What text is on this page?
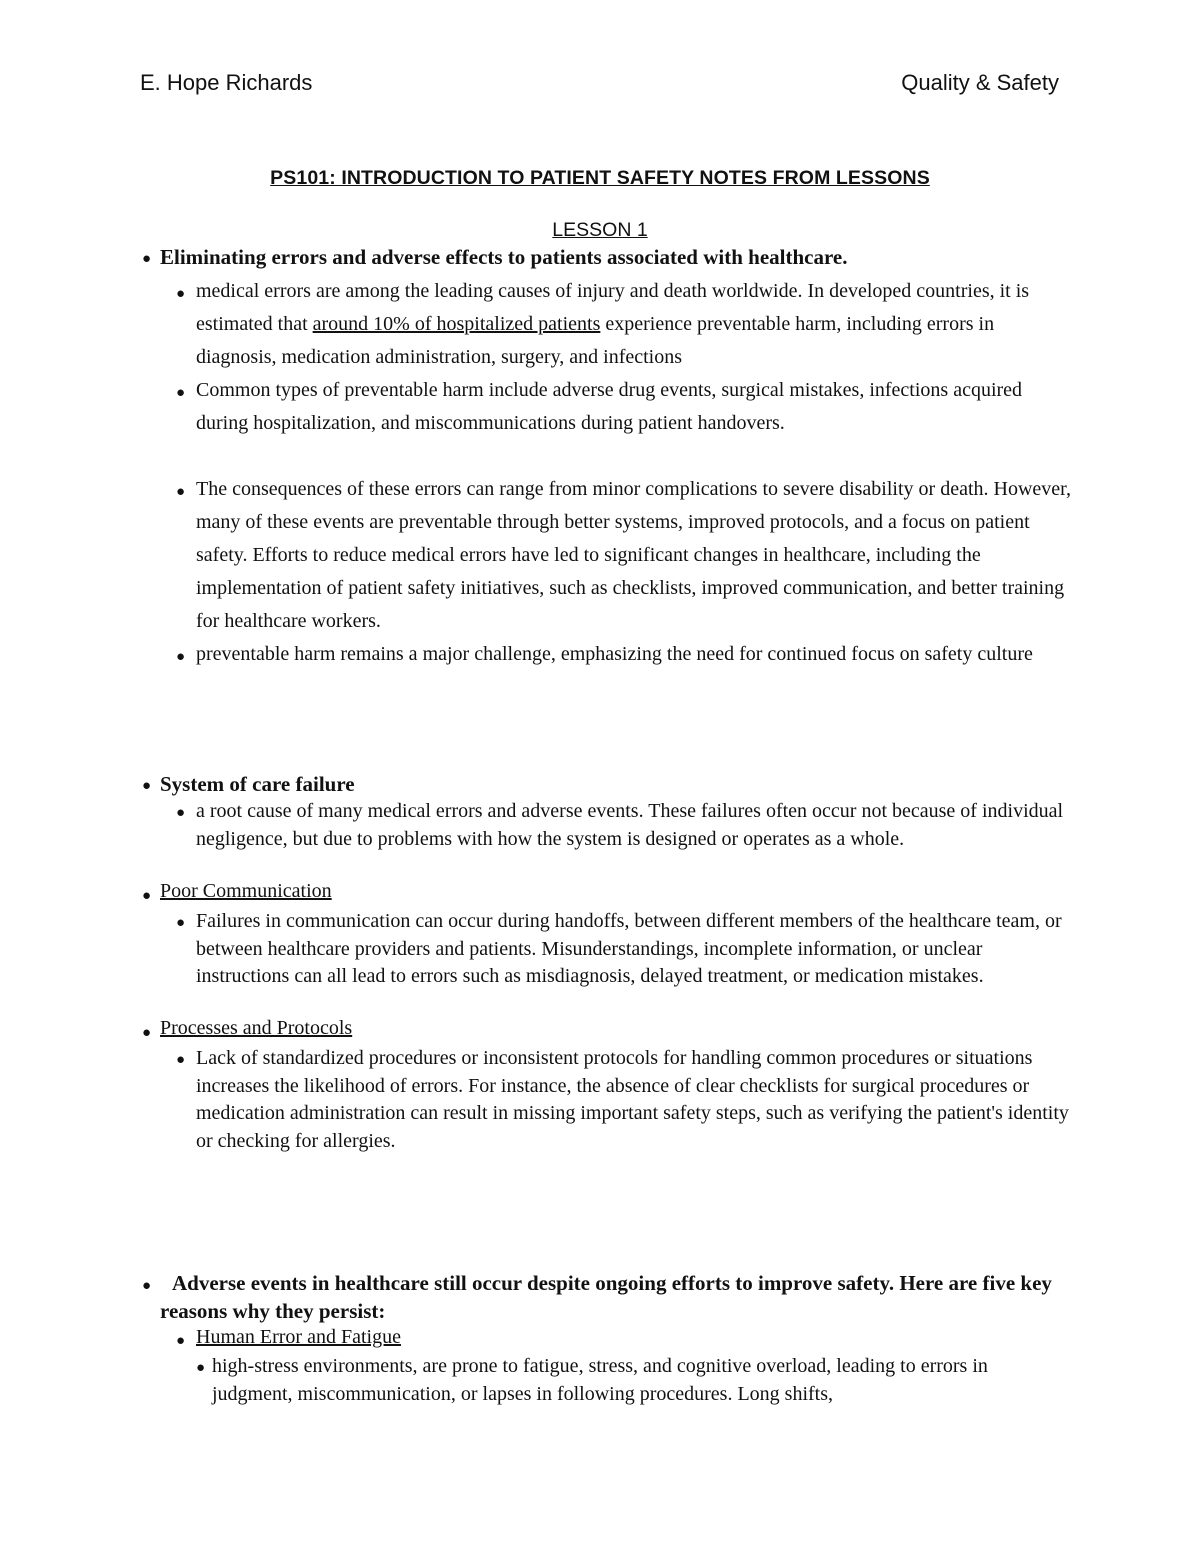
E. Hope Richards	Quality & Safety
PS101: INTRODUCTION TO PATIENT SAFETY NOTES FROM LESSONS
LESSON 1
● Eliminating errors and adverse effects to patients associated with healthcare.
● medical errors are among the leading causes of injury and death worldwide. In developed countries, it is estimated that around 10% of hospitalized patients experience preventable harm, including errors in diagnosis, medication administration, surgery, and infections
● Common types of preventable harm include adverse drug events, surgical mistakes, infections acquired during hospitalization, and miscommunications during patient handovers.
● The consequences of these errors can range from minor complications to severe disability or death. However, many of these events are preventable through better systems, improved protocols, and a focus on patient safety. Efforts to reduce medical errors have led to significant changes in healthcare, including the implementation of patient safety initiatives, such as checklists, improved communication, and better training for healthcare workers.
● preventable harm remains a major challenge, emphasizing the need for continued focus on safety culture
● System of care failure
● a root cause of many medical errors and adverse events. These failures often occur not because of individual negligence, but due to problems with how the system is designed or operates as a whole.
● Poor Communication
● Failures in communication can occur during handoffs, between different members of the healthcare team, or between healthcare providers and patients. Misunderstandings, incomplete information, or unclear instructions can all lead to errors such as misdiagnosis, delayed treatment, or medication mistakes.
● Processes and Protocols
● Lack of standardized procedures or inconsistent protocols for handling common procedures or situations increases the likelihood of errors. For instance, the absence of clear checklists for surgical procedures or medication administration can result in missing important safety steps, such as verifying the patient's identity or checking for allergies.
● Adverse events in healthcare still occur despite ongoing efforts to improve safety. Here are five key reasons why they persist:
● Human Error and Fatigue
● high-stress environments, are prone to fatigue, stress, and cognitive overload, leading to errors in judgment, miscommunication, or lapses in following procedures. Long shifts,
